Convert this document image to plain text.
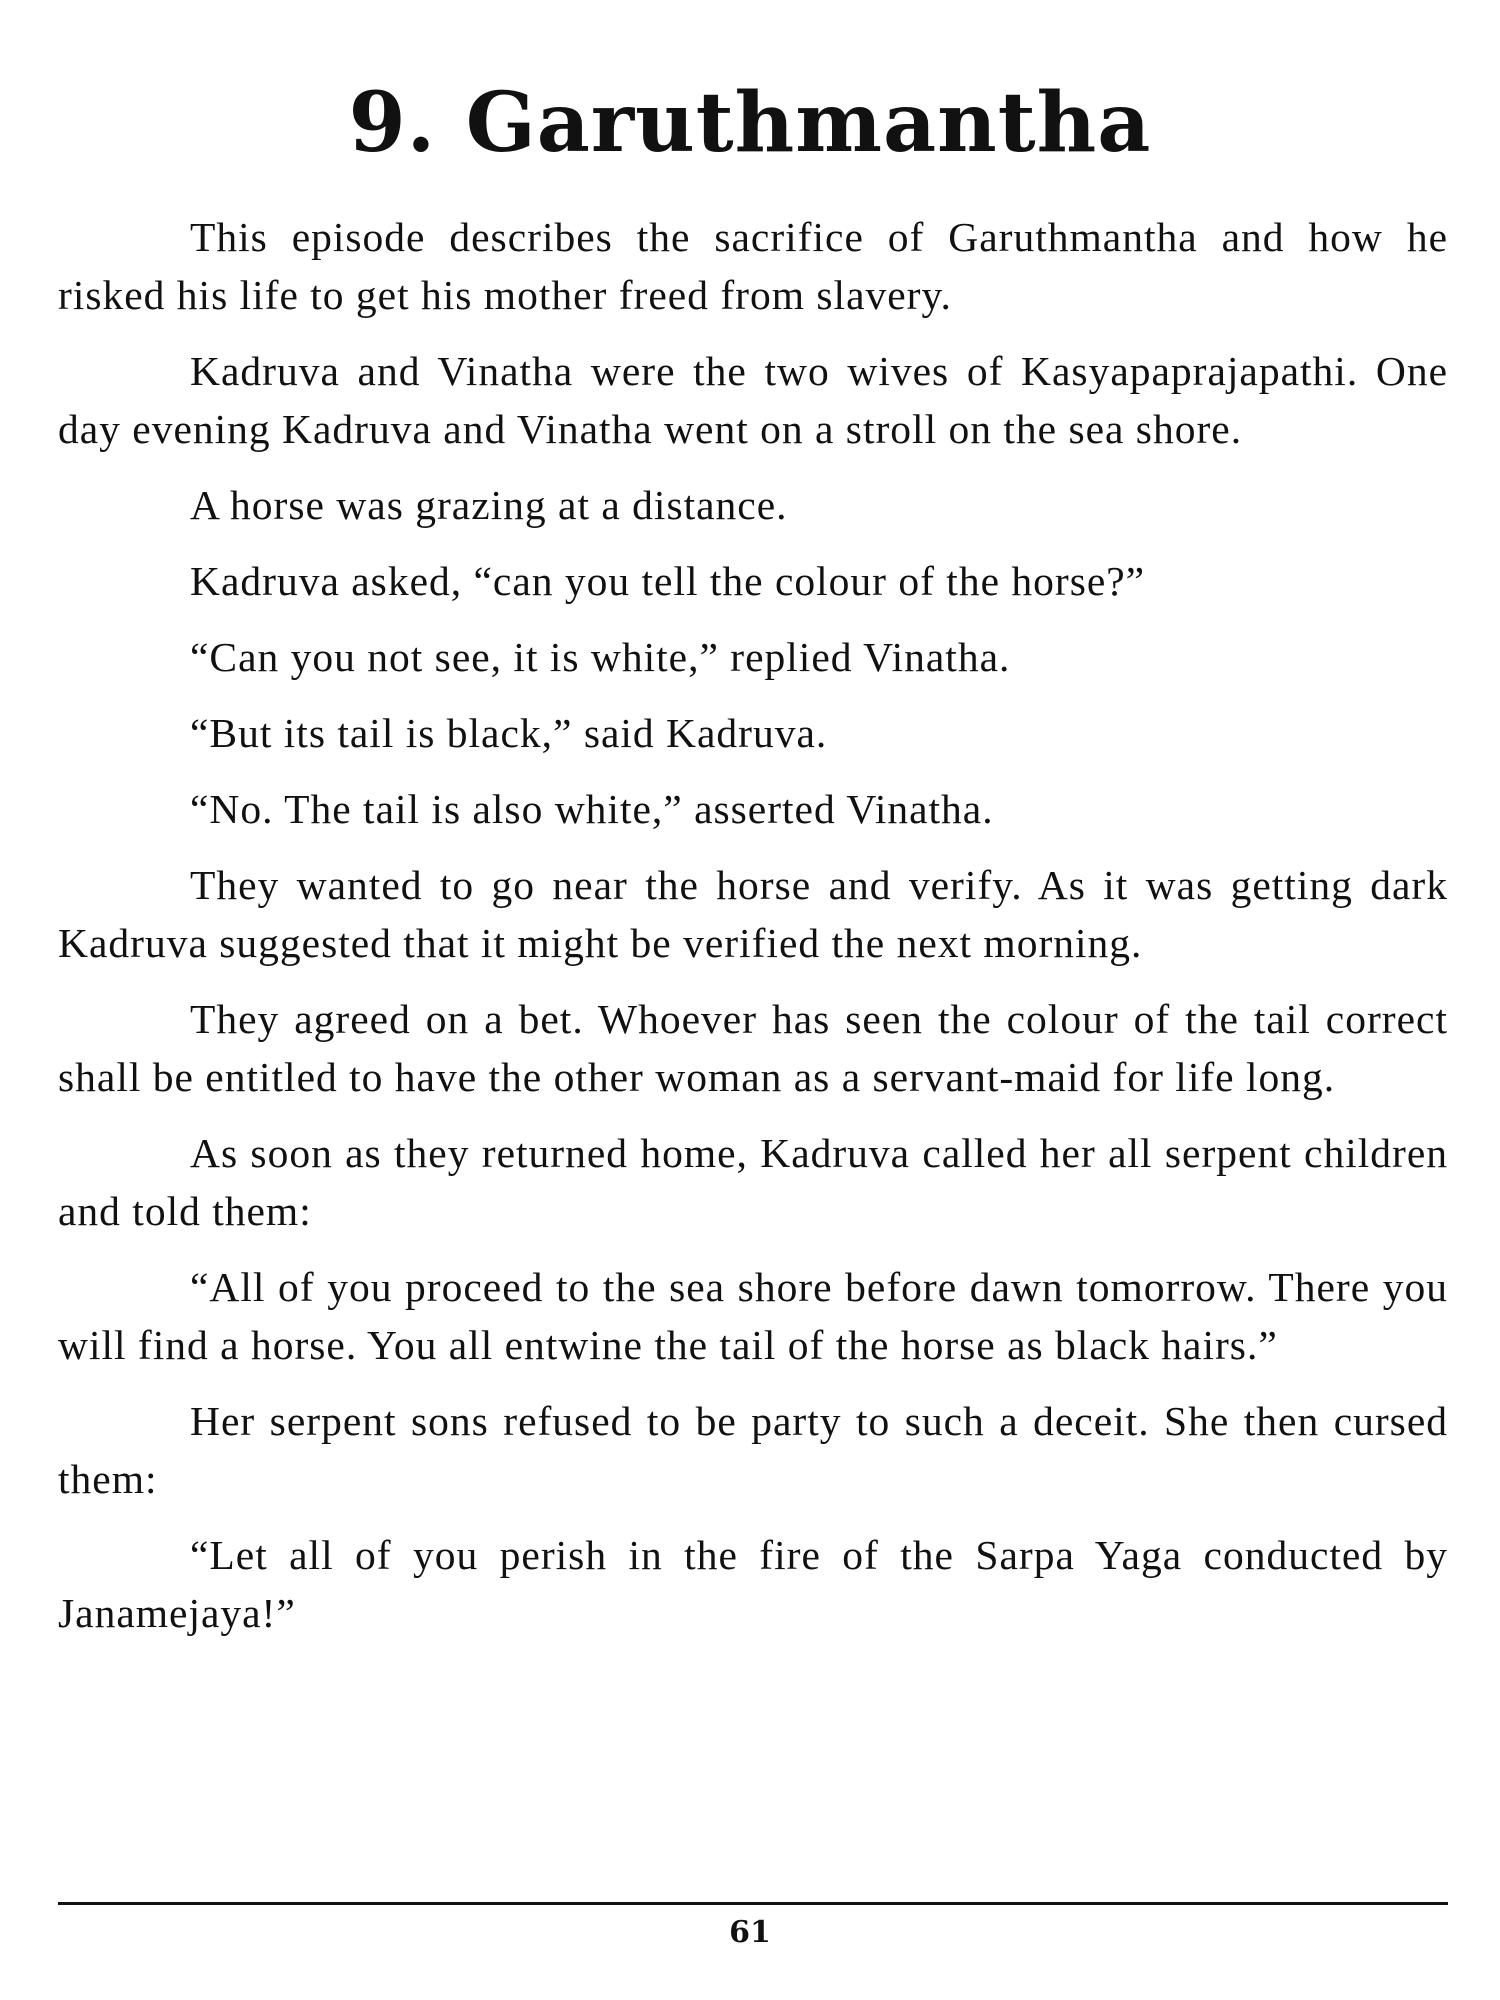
9. Garuthmantha

This episode describes the sacrifice of Garuthmantha and how he risked his life to get his mother freed from slavery.

Kadruva and Vinatha were the two wives of Kasyapaprajapathi. One day evening Kadruva and Vinatha went on a stroll on the sea shore.

A horse was grazing at a distance.

Kadruva asked, “can you tell the colour of the horse?”

“Can you not see, it is white,” replied Vinatha.

“But its tail is black,” said Kadruva.

“No. The tail is also white,” asserted Vinatha.

They wanted to go near the horse and verify. As it was getting dark Kadruva suggested that it might be verified the next morning.

They agreed on a bet. Whoever has seen the colour of the tail correct shall be entitled to have the other woman as a servant-maid for life long.

As soon as they returned home, Kadruva called her all serpent children and told them:

“All of you proceed to the sea shore before dawn tomorrow. There you will find a horse. You all entwine the tail of the horse as black hairs.”

Her serpent sons refused to be party to such a deceit. She then cursed them:

“Let all of you perish in the fire of the Sarpa Yaga conducted by Janamejaya!”

61
